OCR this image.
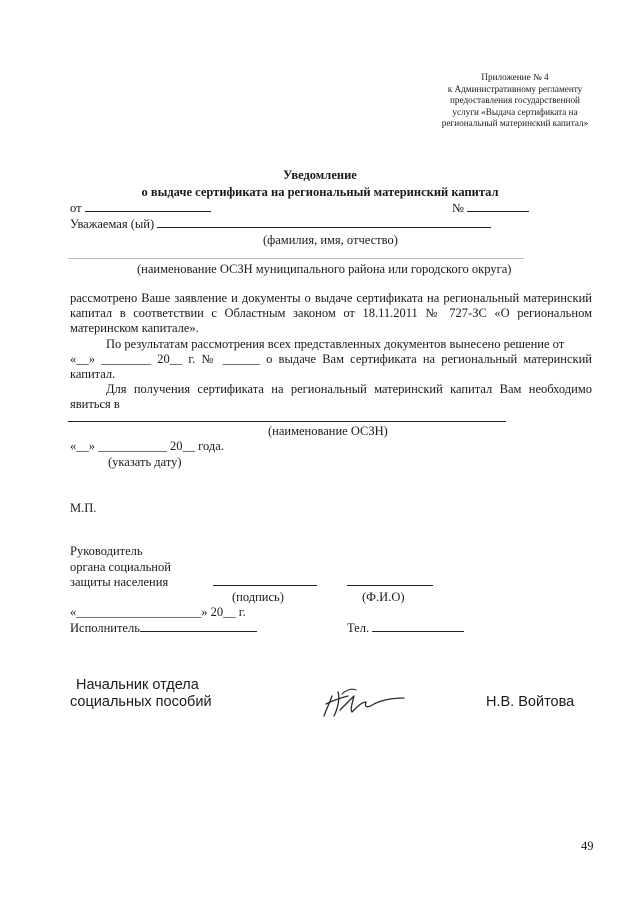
Приложение № 4
к Административному регламенту
предоставления государственной
услуги «Выдача сертификата на
региональный материнский капитал»
Уведомление
о выдаче сертификата на региональный материнский капитал
от	№
Уважаемая (ый)
(фамилия, имя, отчество)
(наименование ОСЗН муниципального района или городского округа)
рассмотрено Ваше заявление и документы о выдаче сертификата на региональный материнский капитал в соответствии с Областным законом от 18.11.2011 № 727-ЗС «О региональном материнском капитале».
По результатам рассмотрения всех представленных документов вынесено решение от
«__» ________ 20__ г. № ______ о выдаче Вам сертификата на региональный материнский капитал.
Для получения сертификата на региональный материнский капитал Вам необходимо явиться в
(наименование ОСЗН)
«__» ___________ 20__ года.
(указать дату)
М.П.
Руководитель
органа социальной
защиты населения
(подпись)	(Ф.И.О)
«____________________» 20__ г.
Исполнитель	Тел.
Начальник отдела
социальных пособий	Н.В. Войтова
49
